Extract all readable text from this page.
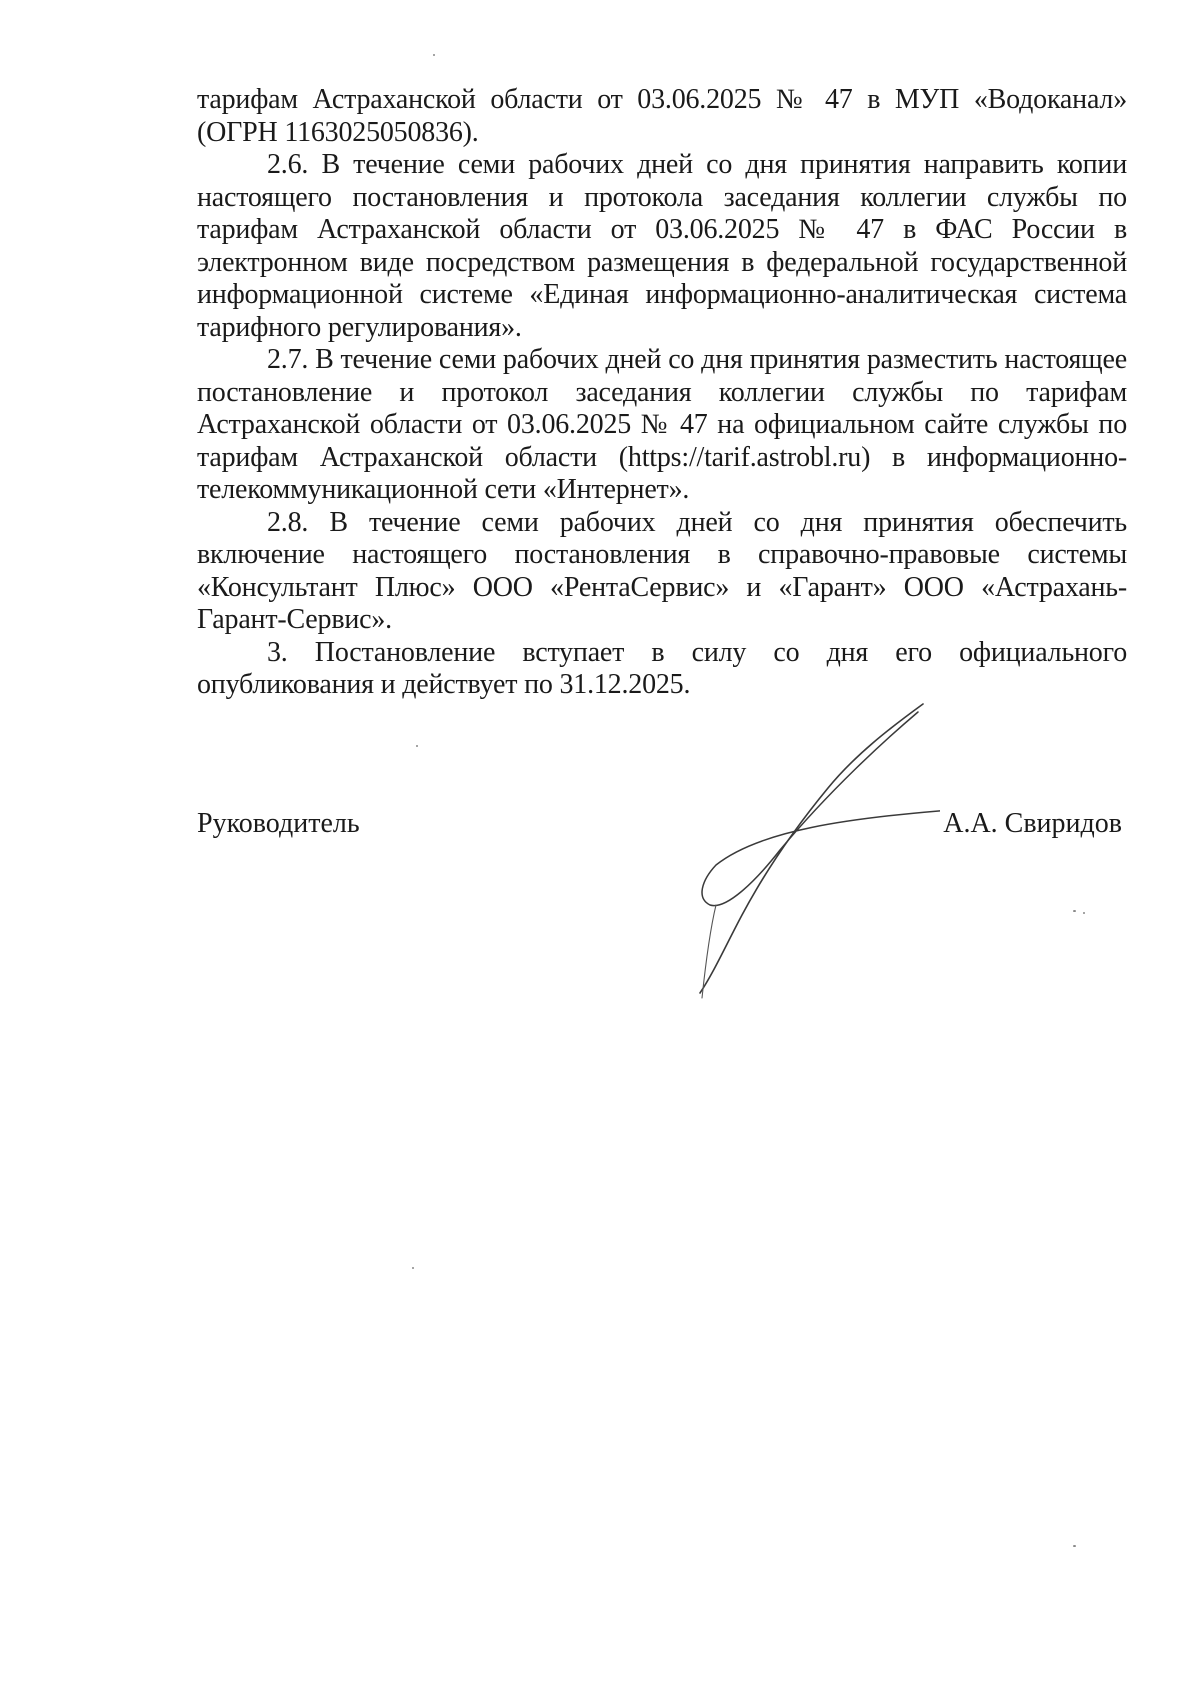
тарифам Астраханской области от 03.06.2025 № 47 в МУП «Водоканал» (ОГРН 1163025050836).

2.6. В течение семи рабочих дней со дня принятия направить копии настоящего постановления и протокола заседания коллегии службы по тарифам Астраханской области от 03.06.2025 № 47 в ФАС России в электронном виде посредством размещения в федеральной государственной информационной системе «Единая информационно-аналитическая система тарифного регулирования».

2.7. В течение семи рабочих дней со дня принятия разместить настоящее постановление и протокол заседания коллегии службы по тарифам Астраханской области от 03.06.2025 № 47 на официальном сайте службы по тарифам Астраханской области (https://tarif.astrobl.ru) в информационно-телекоммуникационной сети «Интернет».

2.8. В течение семи рабочих дней со дня принятия обеспечить включение настоящего постановления в справочно-правовые системы «Консультант Плюс» ООО «РентаСервис» и «Гарант» ООО «Астрахань-Гарант-Сервис».

3. Постановление вступает в силу со дня его официального опубликования и действует по 31.12.2025.

Руководитель	А.А. Свиридов
